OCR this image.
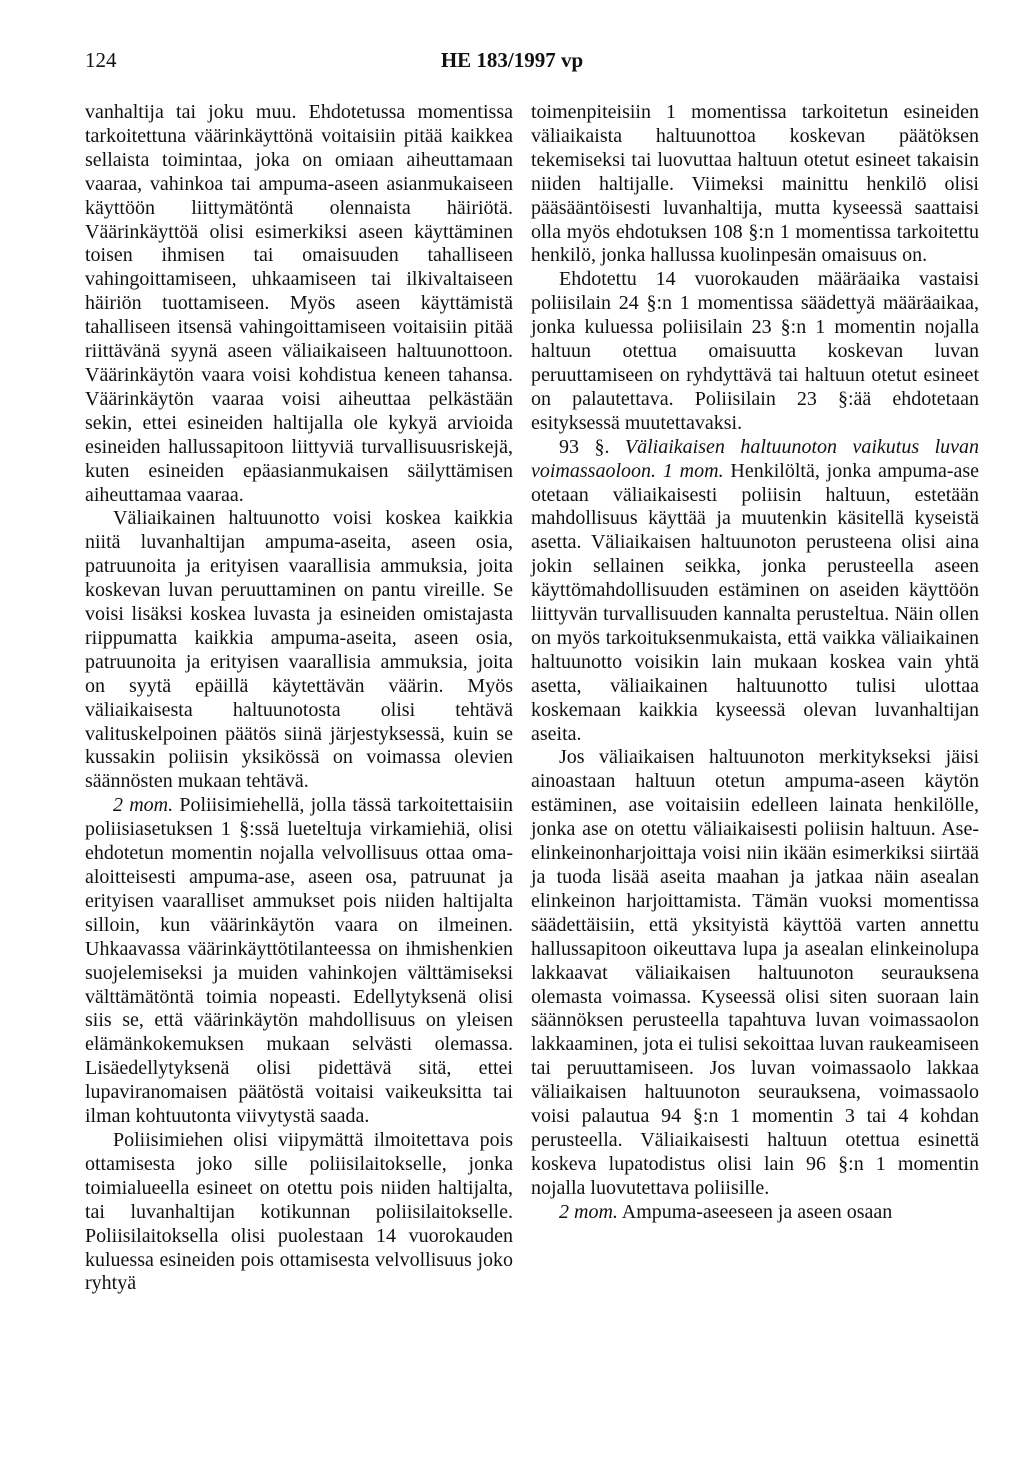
124	HE 183/1997 vp

vanhaltija tai joku muu. Ehdotetussa momentissa tarkoitettuna väärinkäyttönä voitaisiin pitää kaikkea sellaista toimintaa, joka on omiaan aiheuttamaan vaaraa, vahinkoa tai ampuma-aseen asianmukaiseen käyttöön liittymätöntä olennaista häiriötä. Väärinkäyttöä olisi esimerkiksi aseen käyttäminen toisen ihmisen tai omaisuuden tahalliseen vahingoittamiseen, uhkaamiseen tai ilkivaltaiseen häiriön tuottamiseen. Myös aseen käyttämistä tahalliseen itsensä vahingoittamiseen voitaisiin pitää riittävänä syynä aseen väliaikaiseen haltuunottoon. Väärinkäytön vaara voisi kohdistua keneen tahansa. Väärinkäytön vaaraa voisi aiheuttaa pelkästään sekin, ettei esineiden haltijalla ole kykyä arvioida esineiden hallussapitoon liittyviä turvallisuusriskejä, kuten esineiden epäasianmukaisen säilyttämisen aiheuttamaa vaaraa.

Väliaikainen haltuunotto voisi koskea kaikkia niitä luvanhaltijan ampuma-aseita, aseen osia, patruunoita ja erityisen vaarallisia ammuksia, joita koskevan luvan peruuttaminen on pantu vireille. Se voisi lisäksi koskea luvasta ja esineiden omistajasta riippumatta kaikkia ampuma-aseita, aseen osia, patruunoita ja erityisen vaarallisia ammuksia, joita on syytä epäillä käytettävän väärin. Myös väliaikaisesta haltuunotosta olisi tehtävä valituskelpoinen päätös siinä järjestyksessä, kuin se kussakin poliisin yksikössä on voimassa olevien säännösten mukaan tehtävä.

2 mom. Poliisimiehellä, jolla tässä tarkoitettaisiin poliisiasetuksen 1 §:ssä lueteltuja virkamiehiä, olisi ehdotetun momentin nojalla velvollisuus ottaa oma-aloitteisesti ampuma-ase, aseen osa, patruunat ja erityisen vaaralliset ammukset pois niiden haltijalta silloin, kun väärinkäytön vaara on ilmeinen. Uhkaavassa väärinkäyttötilanteessa on ihmishenkien suojelemiseksi ja muiden vahinkojen välttämiseksi välttämätöntä toimia nopeasti. Edellytyksenä olisi siis se, että väärinkäytön mahdollisuus on yleisen elämänkokemuksen mukaan selvästi olemassa. Lisäedellytyksenä olisi pidettävä sitä, ettei lupaviranomaisen päätöstä voitaisi vaikeuksitta tai ilman kohtuutonta viivytystä saada.

Poliisimiehen olisi viipymättä ilmoitettava pois ottamisesta joko sille poliisilaitokselle, jonka toimialueella esineet on otettu pois niiden haltijalta, tai luvanhaltijan kotikunnan poliisilaitokselle. Poliisilaitoksella olisi puolestaan 14 vuorokauden kuluessa esineiden pois ottamisesta velvollisuus joko ryhtyä

toimenpiteisiin 1 momentissa tarkoitetun esineiden väliaikaista haltuunottoa koskevan päätöksen tekemiseksi tai luovuttaa haltuun otetut esineet takaisin niiden haltijalle. Viimeksi mainittu henkilö olisi pääsääntöisesti luvanhaltija, mutta kyseessä saattaisi olla myös ehdotuksen 108 §:n 1 momentissa tarkoitettu henkilö, jonka hallussa kuolinpesän omaisuus on.

Ehdotettu 14 vuorokauden määräaika vastaisi poliisilain 24 §:n 1 momentissa säädettyä määräaikaa, jonka kuluessa poliisilain 23 §:n 1 momentin nojalla haltuun otettua omaisuutta koskevan luvan peruuttamiseen on ryhdyttävä tai haltuun otetut esineet on palautettava. Poliisilain 23 §:ää ehdotetaan esityksessä muutettavaksi.

93 §. Väliaikaisen haltuunoton vaikutus luvan voimassaoloon. 1 mom. Henkilöltä, jonka ampuma-ase otetaan väliaikaisesti poliisin haltuun, estetään mahdollisuus käyttää ja muutenkin käsitellä kyseistä asetta. Väliaikaisen haltuunoton perusteena olisi aina jokin sellainen seikka, jonka perusteella aseen käyttömahdollisuuden estäminen on aseiden käyttöön liittyvän turvallisuuden kannalta perusteltua. Näin ollen on myös tarkoituksenmukaista, että vaikka väliaikainen haltuunotto voisikin lain mukaan koskea vain yhtä asetta, väliaikainen haltuunotto tulisi ulottaa koskemaan kaikkia kyseessä olevan luvanhaltijan aseita.

Jos väliaikaisen haltuunoton merkitykseksi jäisi ainoastaan haltuun otetun ampuma-aseen käytön estäminen, ase voitaisiin edelleen lainata henkilölle, jonka ase on otettu väliaikaisesti poliisin haltuun. Ase-elinkeinonharjoittaja voisi niin ikään esimerkiksi siirtää ja tuoda lisää aseita maahan ja jatkaa näin asealan elinkeinon harjoittamista. Tämän vuoksi momentissa säädettäisiin, että yksityistä käyttöä varten annettu hallussapitoon oikeuttava lupa ja asealan elinkeinolupa lakkaavat väliaikaisen haltuunoton seurauksena olemasta voimassa. Kyseessä olisi siten suoraan lain säännöksen perusteella tapahtuva luvan voimassaolon lakkaaminen, jota ei tulisi sekoittaa luvan raukeamiseen tai peruuttamiseen. Jos luvan voimassaolo lakkaa väliaikaisen haltuunoton seurauksena, voimassaolo voisi palautua 94 §:n 1 momentin 3 tai 4 kohdan perusteella. Väliaikaisesti haltuun otettua esinettä koskeva lupatodistus olisi lain 96 §:n 1 momentin nojalla luovutettava poliisille.

2 mom. Ampuma-aseeseen ja aseen osaan
